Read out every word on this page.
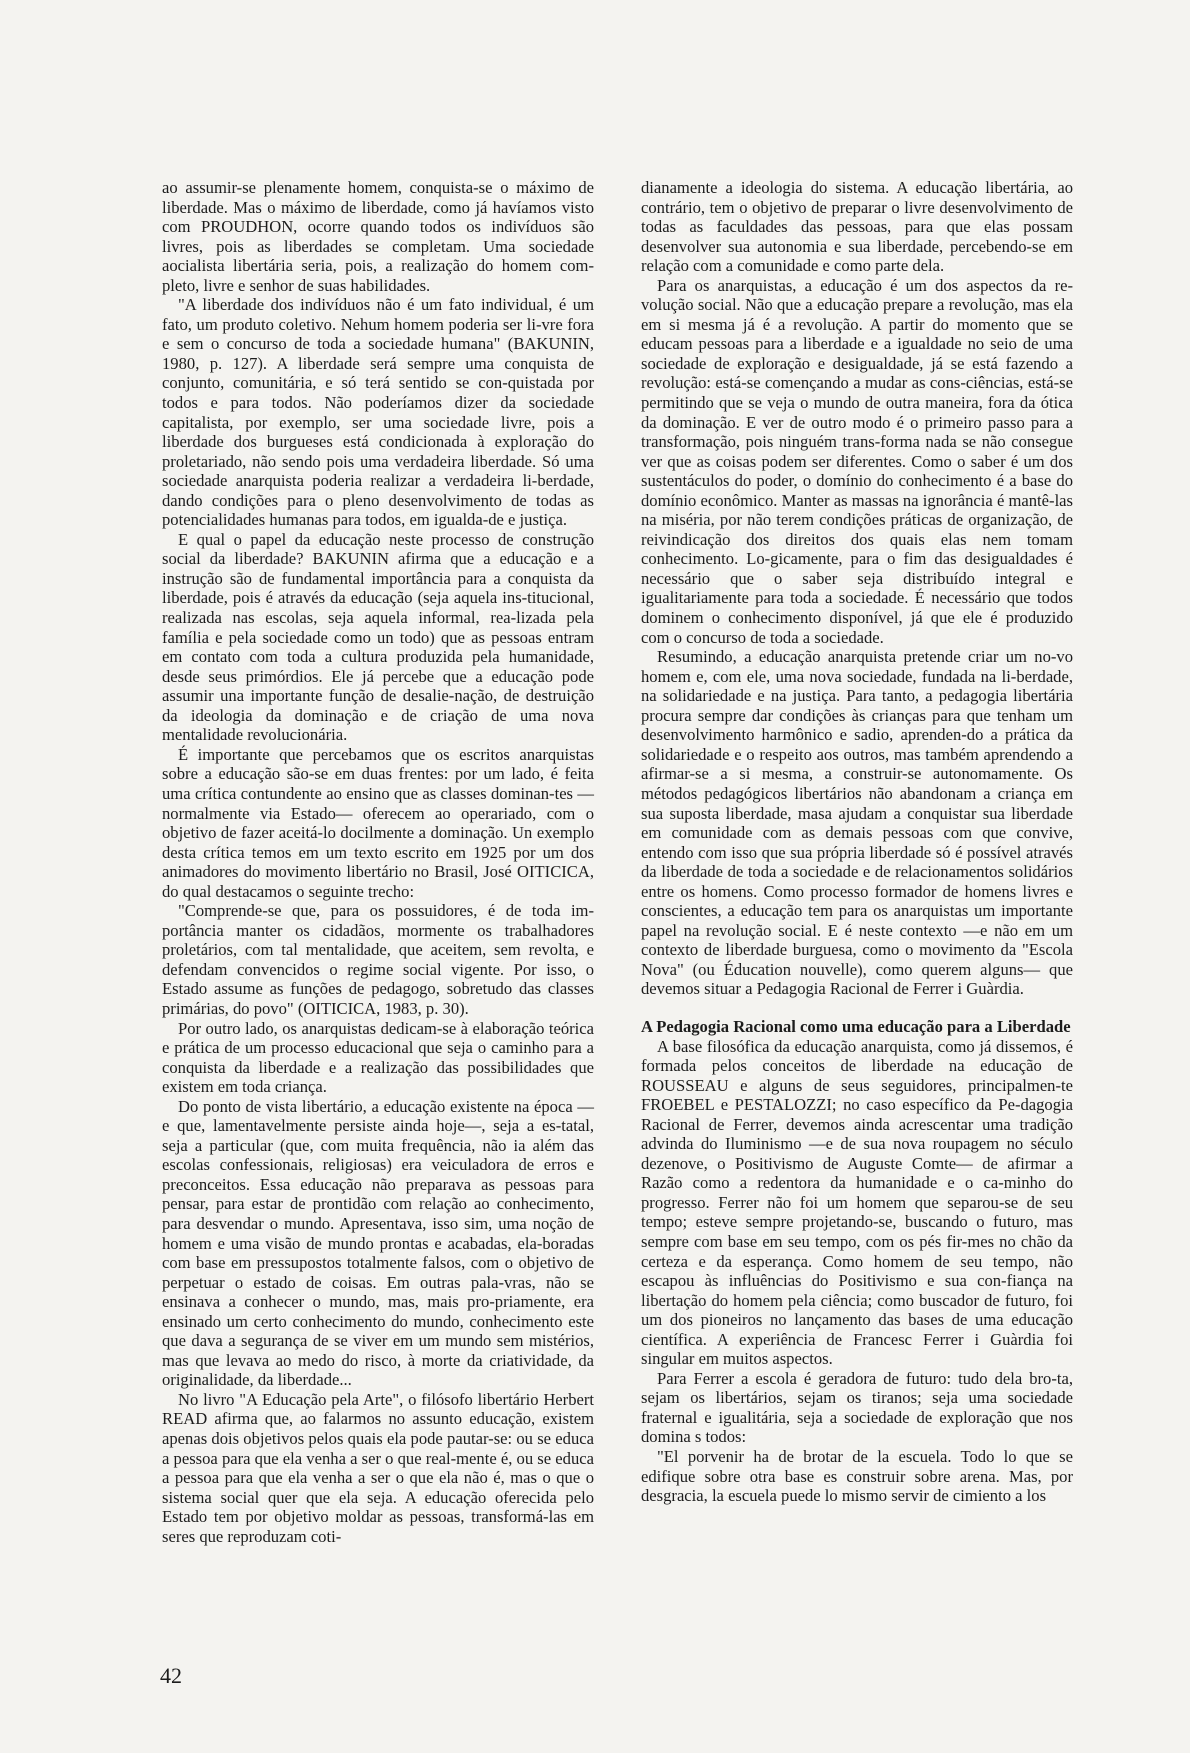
ao assumir-se plenamente homem, conquista-se o máximo de liberdade. Mas o máximo de liberdade, como já havíamos visto com PROUDHON, ocorre quando todos os indivíduos são livres, pois as liberdades se completam. Uma sociedade aocialista libertária seria, pois, a realização do homem com-pleto, livre e senhor de suas habilidades.

"A liberdade dos indivíduos não é um fato individual, é um fato, um produto coletivo. Nehum homem poderia ser li-vre fora e sem o concurso de toda a sociedade humana" (BAKUNIN, 1980, p. 127). A liberdade será sempre uma conquista de conjunto, comunitária, e só terá sentido se con-quistada por todos e para todos. Não poderíamos dizer da sociedade capitalista, por exemplo, ser uma sociedade livre, pois a liberdade dos burgueses está condicionada à exploração do proletariado, não sendo pois uma verdadeira liberdade. Só uma sociedade anarquista poderia realizar a verdadeira li-berdade, dando condições para o pleno desenvolvimento de todas as potencialidades humanas para todos, em igualda-de e justiça.

E qual o papel da educação neste processo de construção social da liberdade? BAKUNIN afirma que a educação e a instrução são de fundamental importância para a conquista da liberdade, pois é através da educação (seja aquela ins-titucional, realizada nas escolas, seja aquela informal, rea-lizada pela família e pela sociedade como un todo) que as pessoas entram em contato com toda a cultura produzida pela humanidade, desde seus primórdios. Ele já percebe que a educação pode assumir una importante função de desalie-nação, de destruição da ideologia da dominação e de criação de uma nova mentalidade revolucionária.

É importante que percebamos que os escritos anarquistas sobre a educação são-se em duas frentes: por um lado, é feita uma crítica contundente ao ensino que as classes dominan-tes —normalmente via Estado— oferecem ao operariado, com o objetivo de fazer aceitá-lo docilmente a dominação. Un exemplo desta crítica temos em um texto escrito em 1925 por um dos animadores do movimento libertário no Brasil, José OITICICA, do qual destacamos o seguinte trecho:

"Comprende-se que, para os possuidores, é de toda im-portância manter os cidadãos, mormente os trabalhadores proletários, com tal mentalidade, que aceitem, sem revolta, e defendam convencidos o regime social vigente. Por isso, o Estado assume as funções de pedagogo, sobretudo das classes primárias, do povo" (OITICICA, 1983, p. 30).

Por outro lado, os anarquistas dedicam-se à elaboração teórica e prática de um processo educacional que seja o caminho para a conquista da liberdade e a realização das possibilidades que existem em toda criança.

Do ponto de vista libertário, a educação existente na época —e que, lamentavelmente persiste ainda hoje—, seja a es-tatal, seja a particular (que, com muita frequência, não ia além das escolas confessionais, religiosas) era veiculadora de erros e preconceitos. Essa educação não preparava as pessoas para pensar, para estar de prontidão com relação ao conhecimento, para desvendar o mundo. Apresentava, isso sim, uma noção de homem e uma visão de mundo prontas e acabadas, ela-boradas com base em pressupostos totalmente falsos, com o objetivo de perpetuar o estado de coisas. Em outras pala-vras, não se ensinava a conhecer o mundo, mas, mais pro-priamente, era ensinado um certo conhecimento do mundo, conhecimento este que dava a segurança de se viver em um mundo sem mistérios, mas que levava ao medo do risco, à morte da criatividade, da originalidade, da liberdade...

No livro "A Educação pela Arte", o filósofo libertário Herbert READ afirma que, ao falarmos no assunto educação, existem apenas dois objetivos pelos quais ela pode pautar-se: ou se educa a pessoa para que ela venha a ser o que real-mente é, ou se educa a pessoa para que ela venha a ser o que ela não é, mas o que o sistema social quer que ela seja. A educação oferecida pelo Estado tem por objetivo moldar as pessoas, transformá-las em seres que reproduzam coti-

dianamente a ideologia do sistema. A educação libertária, ao contrário, tem o objetivo de preparar o livre desenvolvimento de todas as faculdades das pessoas, para que elas possam desenvolver sua autonomia e sua liberdade, percebendo-se em relação com a comunidade e como parte dela.

Para os anarquistas, a educação é um dos aspectos da re-volução social. Não que a educação prepare a revolução, mas ela em si mesma já é a revolução. A partir do momento que se educam pessoas para a liberdade e a igualdade no seio de uma sociedade de exploração e desigualdade, já se está fazendo a revolução: está-se començando a mudar as cons-ciências, está-se permitindo que se veja o mundo de outra maneira, fora da ótica da dominação. E ver de outro modo é o primeiro passo para a transformação, pois ninguém trans-forma nada se não consegue ver que as coisas podem ser diferentes. Como o saber é um dos sustentáculos do poder, o domínio do conhecimento é a base do domínio econômico. Manter as massas na ignorância é mantê-las na miséria, por não terem condições práticas de organização, de reivindicação dos direitos dos quais elas nem tomam conhecimento. Lo-gicamente, para o fim das desigualdades é necessário que o saber seja distribuído integral e igualitariamente para toda a sociedade. É necessário que todos dominem o conhecimento disponível, já que ele é produzido com o concurso de toda a sociedade.

Resumindo, a educação anarquista pretende criar um no-vo homem e, com ele, uma nova sociedade, fundada na li-berdade, na solidariedade e na justiça. Para tanto, a pedagogia libertária procura sempre dar condições às crianças para que tenham um desenvolvimento harmônico e sadio, aprenden-do a prática da solidariedade e o respeito aos outros, mas também aprendendo a afirmar-se a si mesma, a construir-se autonomamente. Os métodos pedagógicos libertários não abandonam a criança em sua suposta liberdade, masa ajudam a conquistar sua liberdade em comunidade com as demais pessoas com que convive, entendo com isso que sua própria liberdade só é possível através da liberdade de toda a sociedade e de relacionamentos solidários entre os homens. Como processo formador de homens livres e conscientes, a educação tem para os anarquistas um importante papel na revolução social. E é neste contexto —e não em um contexto de liberdade burguesa, como o movimento da "Escola Nova" (ou Éducation nouvelle), como querem alguns— que devemos situar a Pedagogia Racional de Ferrer i Guàrdia.

A Pedagogia Racional como uma educação para a Liberdade

A base filosófica da educação anarquista, como já dissemos, é formada pelos conceitos de liberdade na educação de ROUSSEAU e alguns de seus seguidores, principalmen-te FROEBEL e PESTALOZZI; no caso específico da Pe-dagogia Racional de Ferrer, devemos ainda acrescentar uma tradição advinda do Iluminismo —e de sua nova roupagem no século dezenove, o Positivismo de Auguste Comte— de afirmar a Razão como a redentora da humanidade e o ca-minho do progresso. Ferrer não foi um homem que separou-se de seu tempo; esteve sempre projetando-se, buscando o futuro, mas sempre com base em seu tempo, com os pés fir-mes no chão da certeza e da esperança. Como homem de seu tempo, não escapou às influências do Positivismo e sua con-fiança na libertação do homem pela ciência; como buscador de futuro, foi um dos pioneiros no lançamento das bases de uma educação científica. A experiência de Francesc Ferrer i Guàrdia foi singular em muitos aspectos.

Para Ferrer a escola é geradora de futuro: tudo dela bro-ta, sejam os libertários, sejam os tiranos; seja uma sociedade fraternal e igualitária, seja a sociedade de exploração que nos domina s todos:

"El porvenir ha de brotar de la escuela. Todo lo que se edifique sobre otra base es construir sobre arena. Mas, por desgracia, la escuela puede lo mismo servir de cimiento a los

42
